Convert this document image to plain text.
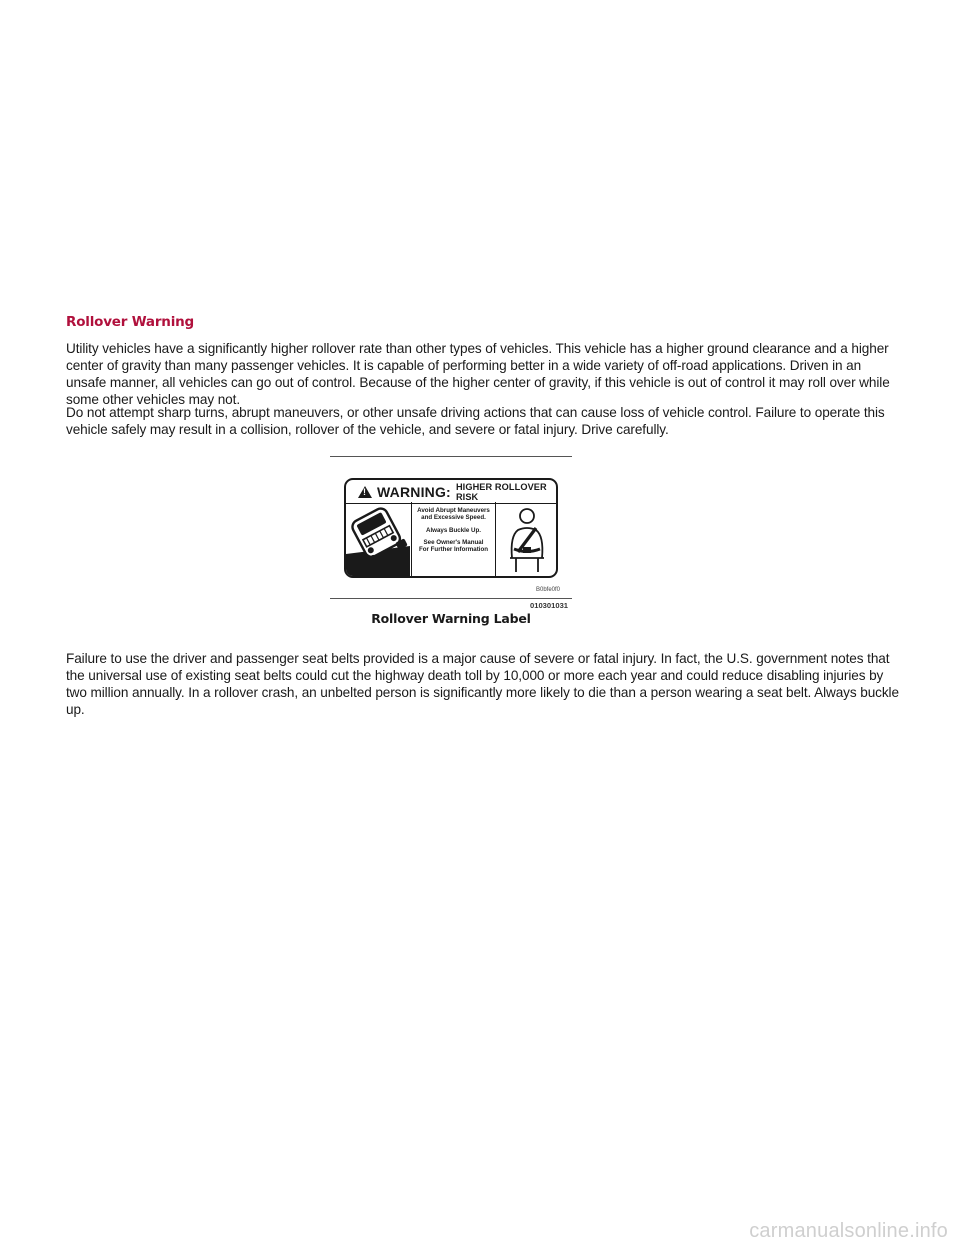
Rollover Warning

Utility vehicles have a significantly higher rollover rate than other types of vehicles. This vehicle has a higher ground clearance and a higher center of gravity than many passenger vehicles. It is capable of performing better in a wide variety of off-road applications. Driven in an unsafe manner, all vehicles can go out of control. Because of the higher center of gravity, if this vehicle is out of control it may roll over while some other vehicles may not.

Do not attempt sharp turns, abrupt maneuvers, or other unsafe driving actions that can cause loss of vehicle control. Failure to operate this vehicle safely may result in a collision, rollover of the vehicle, and severe or fatal injury. Drive carefully.

!
WARNING: HIGHER ROLLOVER RISK
Avoid Abrupt Maneuvers
and Excessive Speed.
Always Buckle Up.
See Owner's Manual
For Further Information
B0bfe0f0
010301031
Rollover Warning Label

Failure to use the driver and passenger seat belts provided is a major cause of severe or fatal injury. In fact, the U.S. government notes that the universal use of existing seat belts could cut the highway death toll by 10,000 or more each year and could reduce disabling injuries by two million annually. In a rollover crash, an unbelted person is significantly more likely to die than a person wearing a seat belt. Always buckle up.

carmanualsonline.info
